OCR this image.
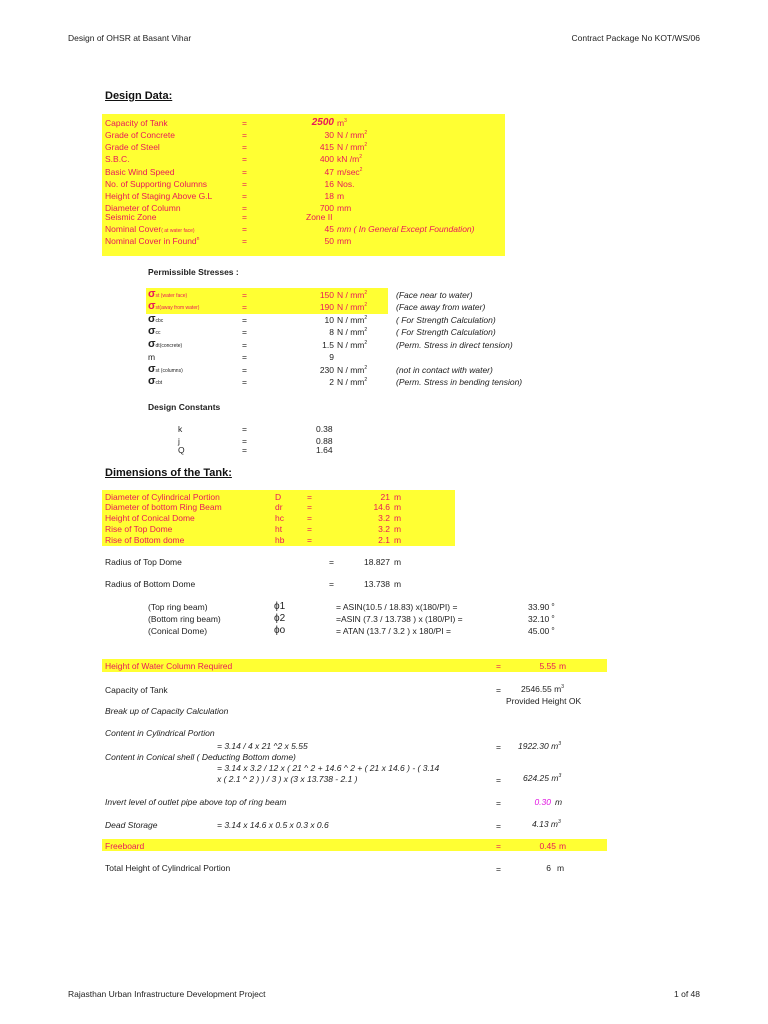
Design of OHSR at Basant Vihar	Contract Package No KOT/WS/06
Design Data:
Capacity of Tank	=	2500 $m^3$
Grade of Concrete	=	30 N / $mm^2$
Grade of Steel	=	415 N / $mm^2$
S.B.C.	=	400 kN $/m^2$
Basic Wind Speed	=	47 $m/\sec^2$
No. of Supporting Columns	=	16 Nos.
Height of Staging Above G.L	=	18 m
Diameter of Column	=	700 mm
Seismic Zone	=	Zone II
Nominal Cover( at water face)	=	45 mm ( In General Except Foundation)
Nominal Cover in Found$^n$	=	50 mm
Permissible Stresses :
σst (water face)	=	150 N / $mm^2$	(Face near to water)
σst(away from water)	=	190 N / $mm^2$	(Face away from water)
σcbc	=	10 N / $mm^2$	( For Strength Calculation)
σcc	=	8 N / $mm^2$	( For Strength Calculation)
σdt(concrete)	=	1.5 N / $mm^2$	(Perm. Stress in direct tension)
m	=	9
σst (columns)	=	230 N / $mm^2$	(not in contact with water)
σcbt	=	2 N / $mm^2$	(Perm. Stress in bending tension)
Design Constants
k	=	0.38
j	=	0.88
Q	=	1.64
Dimensions of the Tank:
Diameter of Cylindrical Portion	D	=	21 m
Diameter of bottom Ring Beam	dr	=	14.6 m
Height of Conical Dome	hc	=	3.2 m
Rise of Top Dome	ht	=	3.2 m
Rise of Bottom dome	hb	=	2.1 m
Radius of Top Dome	=	18.827 m
Radius of Bottom Dome	=	13.738 m
(Top ring beam)	ϕ1	= ASIN(10.5 / 18.83) x(180/PI) =	33.90 $^o$
(Bottom ring beam)	ϕ2	=ASIN (7.3 / 13.738 ) x (180/PI) =	32.10 $^o$
(Conical Dome)	ϕo	= ATAN (13.7 / 3.2 ) x 180/PI =	45.00 $^o$
Height of Water Column Required	=	5.55 m
Capacity of Tank	= 2546.55 $m^3$
Provided Height OK
Break up of Capacity Calculation
Content in Cylindrical Portion
= 3.14 / 4 x 21 ^2 x 5.55	= 1922.30 $m^3$
Content in Conical shell ( Deducting Bottom dome)
= 3.14 x 3.2 / 12 x ( 21 ^ 2 + 14.6 ^ 2 + ( 21 x 14.6 ) - ( 3.14
x ( 2.1 ^ 2 ) ) / 3 ) x (3 x 13.738 - 2.1 )	=	624.25 $m^3$
Invert level of outlet pipe above top of ring beam	=	0.30 m
Dead Storage	= 3.14 x 14.6 x 0.5 x 0.3 x 0.6	=	4.13 $m^3$
Freeboard	=	0.45 m
Total Height of Cylindrical Portion	=	6 m
Rajasthan Urban Infrastructure Development Project	1 of 48
